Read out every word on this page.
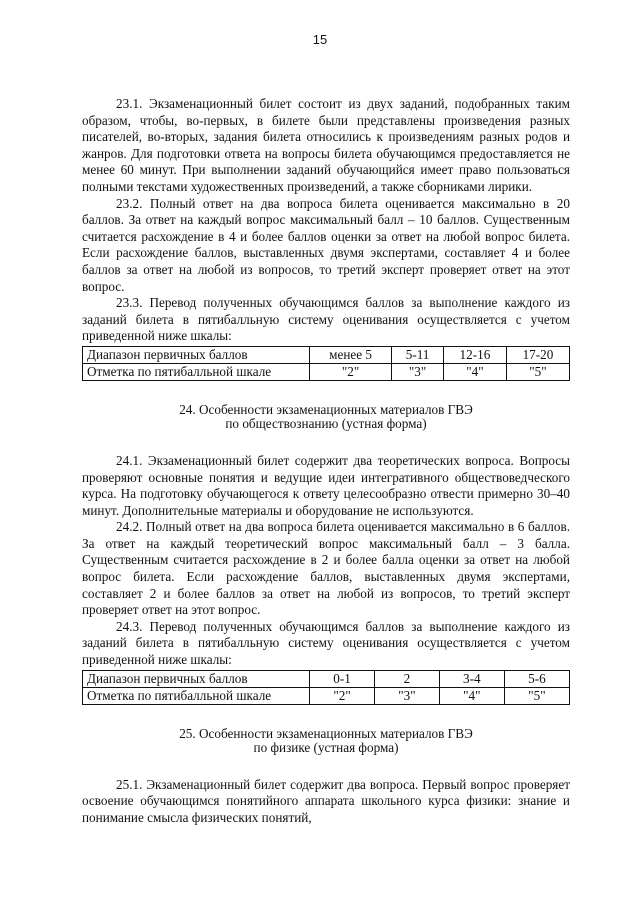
15

23.1. Экзаменационный билет состоит из двух заданий, подобранных таким образом, чтобы, во-первых, в билете были представлены произведения разных писателей, во-вторых, задания билета относились к произведениям разных родов и жанров. Для подготовки ответа на вопросы билета обучающимся предоставляется не менее 60 минут. При выполнении заданий обучающийся имеет право пользоваться полными текстами художественных произведений, а также сборниками лирики.

23.2. Полный ответ на два вопроса билета оценивается максимально в 20 баллов. За ответ на каждый вопрос максимальный балл – 10 баллов. Существенным считается расхождение в 4 и более баллов оценки за ответ на любой вопрос билета. Если расхождение баллов, выставленных двумя экспертами, составляет 4 и более баллов за ответ на любой из вопросов, то третий эксперт проверяет ответ на этот вопрос.

23.3. Перевод полученных обучающимся баллов за выполнение каждого из заданий билета в пятибалльную систему оценивания осуществляется с учетом приведенной ниже шкалы:

Диапазон первичных баллов	менее 5	5-11	12-16	17-20
Отметка по пятибалльной шкале	"2"	"3"	"4"	"5"
24. Особенности экзаменационных материалов ГВЭ
по обществознанию (устная форма)

24.1. Экзаменационный билет содержит два теоретических вопроса. Вопросы проверяют основные понятия и ведущие идеи интегративного обществоведческого курса. На подготовку обучающегося к ответу целесообразно отвести примерно 30–40 минут. Дополнительные материалы и оборудование не используются.

24.2. Полный ответ на два вопроса билета оценивается максимально в 6 баллов. За ответ на каждый теоретический вопрос максимальный балл – 3 балла. Существенным считается расхождение в 2 и более балла оценки за ответ на любой вопрос билета. Если расхождение баллов, выставленных двумя экспертами, составляет 2 и более баллов за ответ на любой из вопросов, то третий эксперт проверяет ответ на этот вопрос.

24.3. Перевод полученных обучающимся баллов за выполнение каждого из заданий билета в пятибалльную систему оценивания осуществляется с учетом приведенной ниже шкалы:

Диапазон первичных баллов	0-1	2	3-4	5-6
Отметка по пятибалльной шкале	"2"	"3"	"4"	"5"
25. Особенности экзаменационных материалов ГВЭ
по физике (устная форма)

25.1. Экзаменационный билет содержит два вопроса. Первый вопрос проверяет освоение обучающимся понятийного аппарата школьного курса физики: знание и понимание смысла физических понятий,
